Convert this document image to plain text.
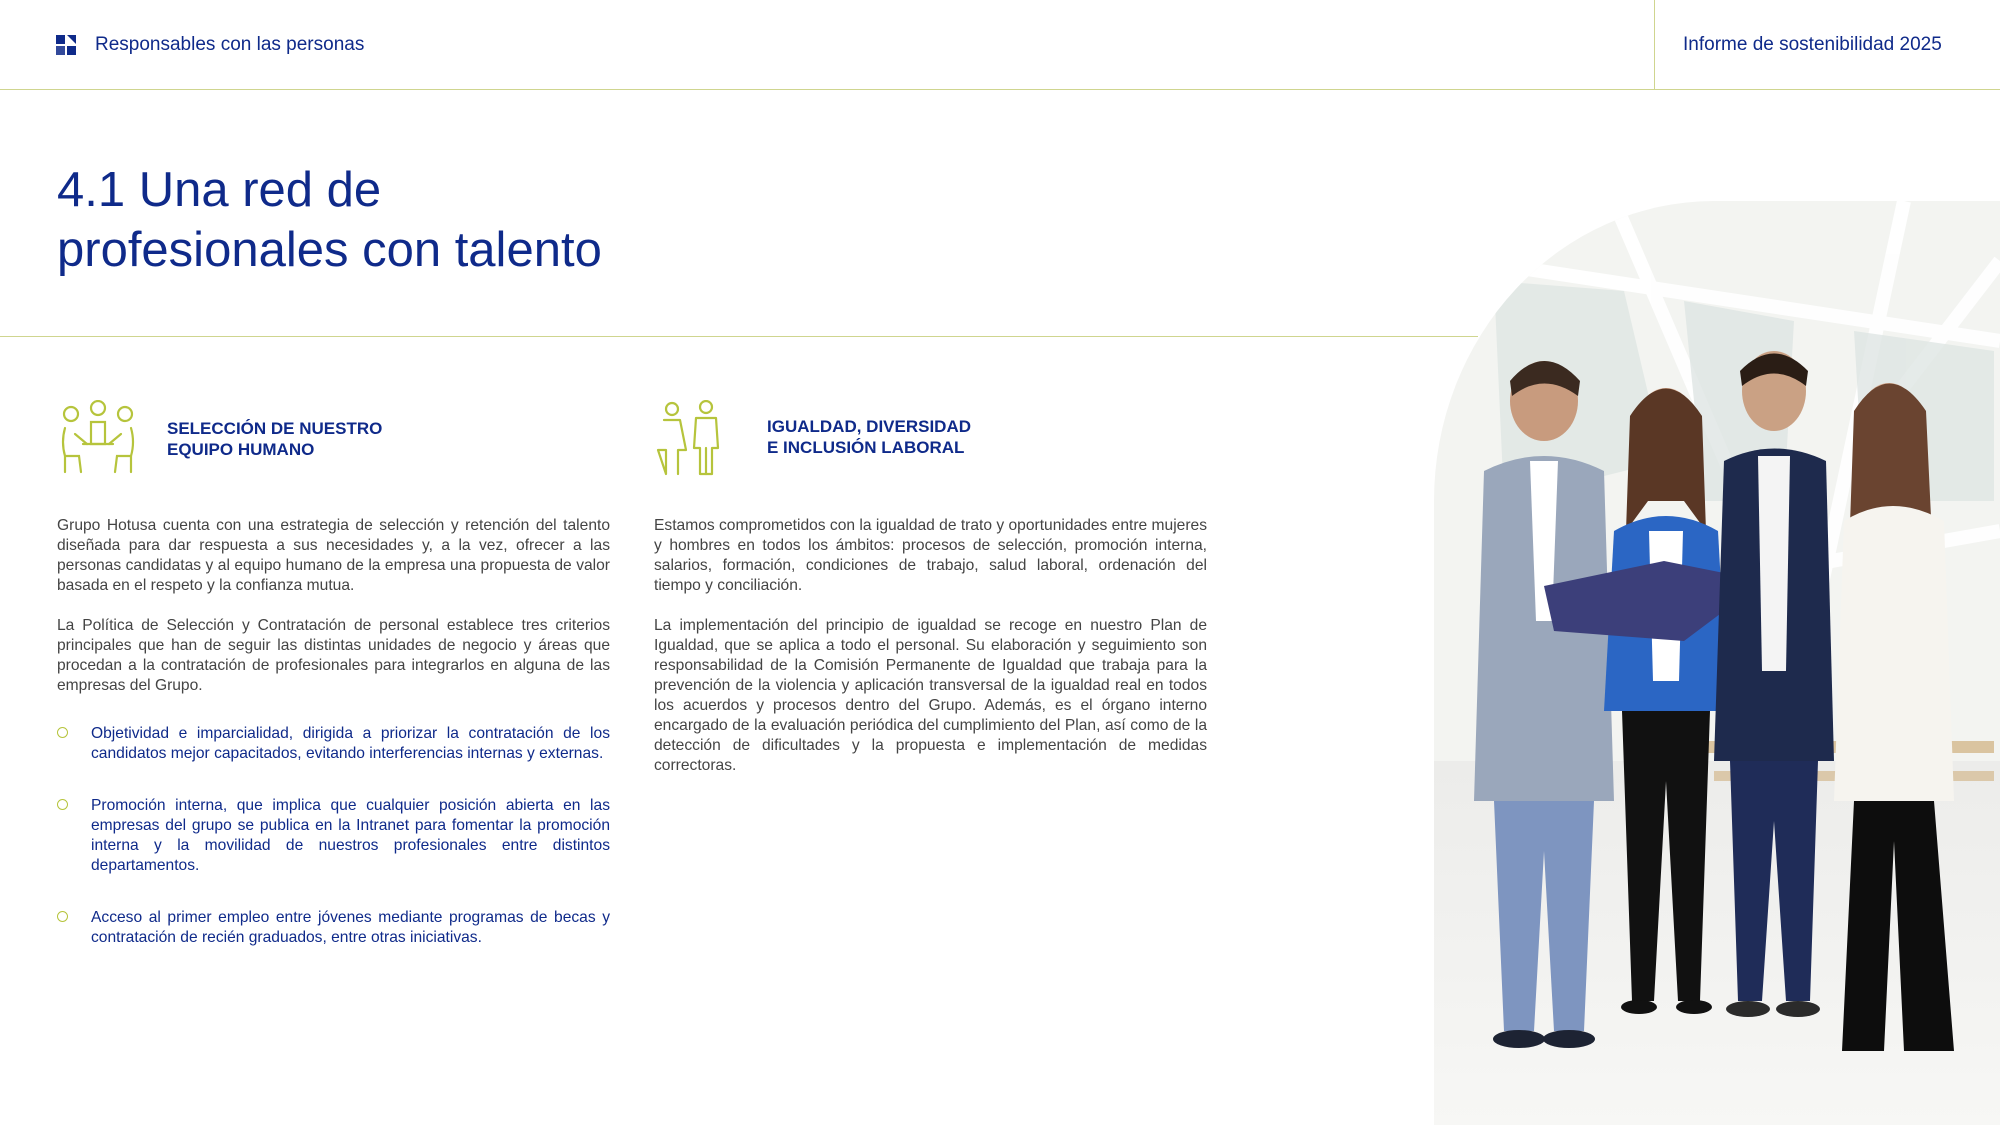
Responsables con las personas	Informe de sostenibilidad 2025
4.1 Una red de
profesionales con talento

SELECCIÓN DE NUESTRO
EQUIPO HUMANO

Grupo Hotusa cuenta con una estrategia de selección y retención del talento diseñada para dar respuesta a sus necesidades y, a la vez, ofrecer a las personas candidatas y al equipo humano de la empresa una propuesta de valor basada en el respeto y la confianza mutua.

La Política de Selección y Contratación de personal establece tres criterios principales que han de seguir las distintas unidades de negocio y áreas que procedan a la contratación de profesionales para integrarlos en alguna de las empresas del Grupo.

Objetividad e imparcialidad, dirigida a priorizar la contratación de los candidatos mejor capacitados, evitando interferencias internas y externas.

Promoción interna, que implica que cualquier posición abierta en las empresas del grupo se publica en la Intranet para fomentar la promoción interna y la movilidad de nuestros profesionales entre distintos departamentos.

Acceso al primer empleo entre jóvenes mediante programas de becas y contratación de recién graduados, entre otras iniciativas.

IGUALDAD, DIVERSIDAD
E INCLUSIÓN LABORAL

Estamos comprometidos con la igualdad de trato y oportunidades entre mujeres y hombres en todos los ámbitos: procesos de selección, promoción interna, salarios, formación, condiciones de trabajo, salud laboral, ordenación del tiempo y conciliación.

La implementación del principio de igualdad se recoge en nuestro Plan de Igualdad, que se aplica a todo el personal. Su elaboración y seguimiento son responsabilidad de la Comisión Permanente de Igualdad que trabaja para la prevención de la violencia y aplicación transversal de la igualdad real en todos los acuerdos y procesos dentro del Grupo. Además, es el órgano interno encargado de la evaluación periódica del cumplimiento del Plan, así como de la detección de dificultades y la propuesta e implementación de medidas correctoras.
